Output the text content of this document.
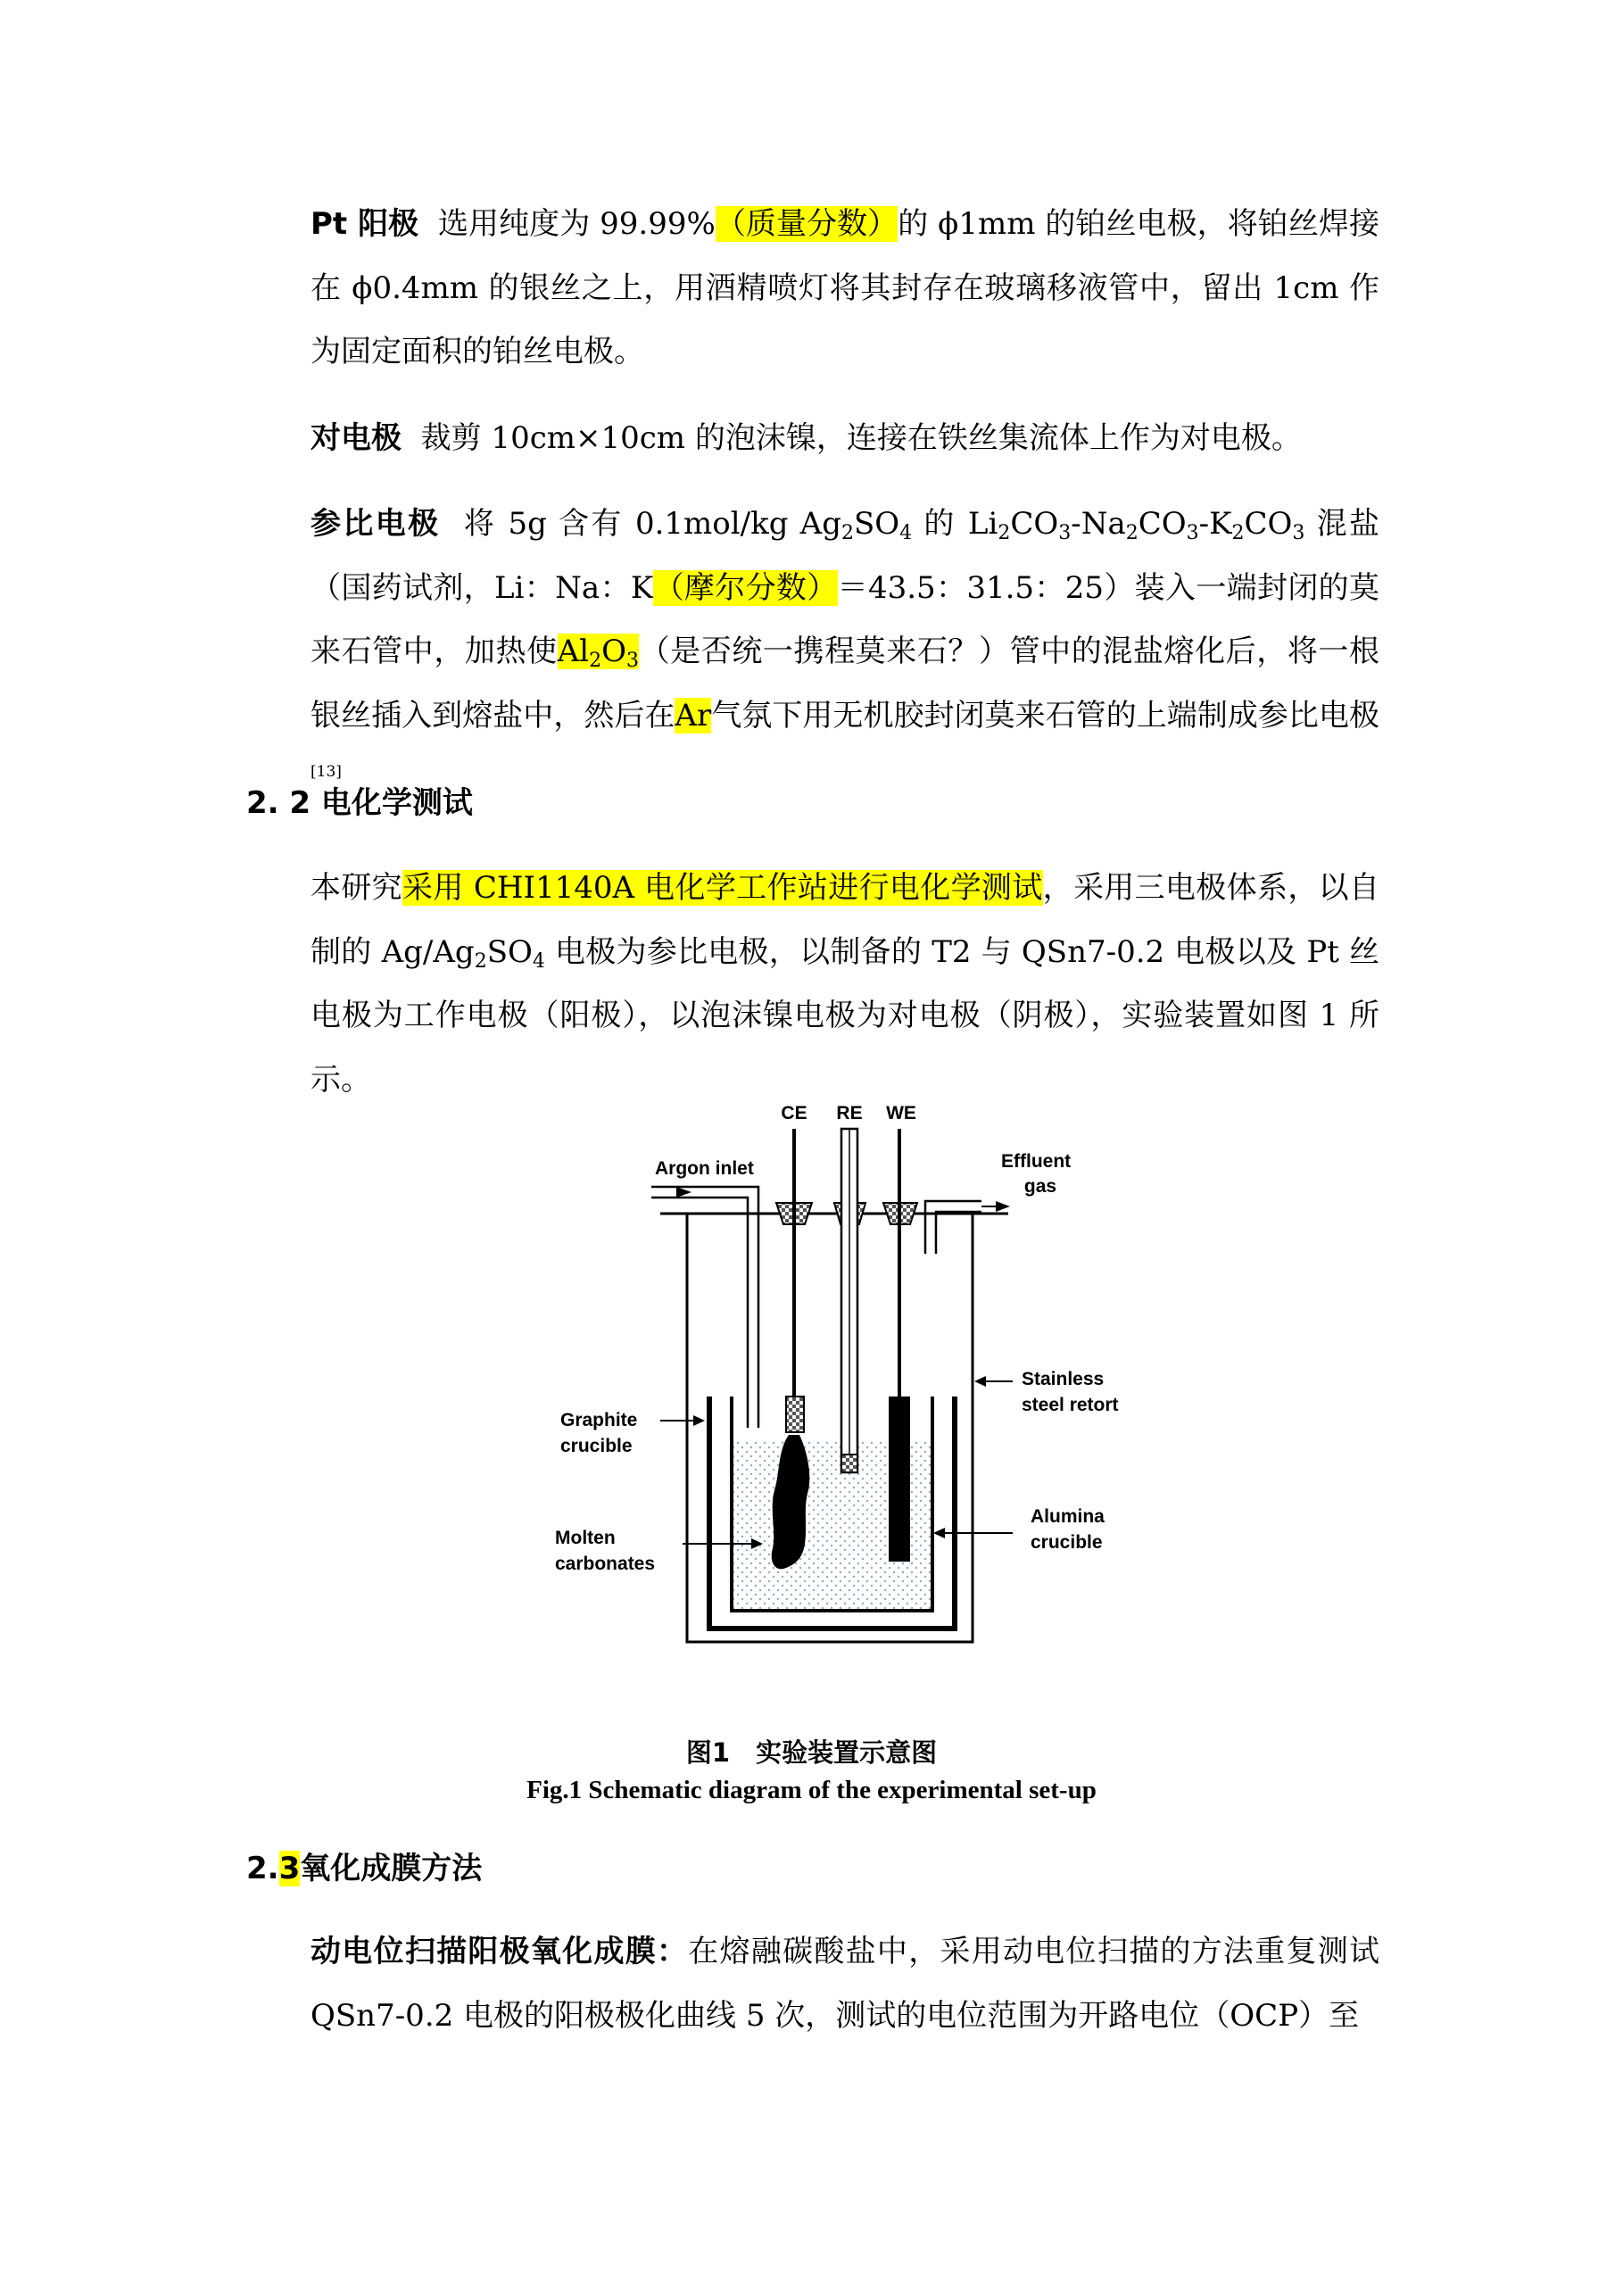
Pt 阳极 选用纯度为 99.99%（质量分数）的 ϕ1mm 的铂丝电极，将铂丝焊接在 ϕ0.4mm 的银丝之上，用酒精喷灯将其封存在玻璃移液管中，留出 1cm 作为固定面积的铂丝电极。

对电极 裁剪 10cm×10cm 的泡沫镍，连接在铁丝集流体上作为对电极。

参比电极 将 5g 含有 0.1mol/kg $Ag_2SO_4$ 的 $Li_2CO_3-Na_2CO_3-K_2CO_3$ 混盐（国药试剂，Li：Na：K（摩尔分数）＝43.5：31.5：25）装入一端封闭的莫来石管中，加热使$Al_2O_3$（是否统一携程莫来石？）管中的混盐熔化后，将一根银丝插入到熔盐中，然后在Ar气氛下用无机胶封闭莫来石管的上端制成参比电极[13]

2. 2 电化学测试

本研究采用 CHI1140A 电化学工作站进行电化学测试，采用三电极体系，以自制的 $Ag/Ag_2SO_4$ 电极为参比电极，以制备的 T2 与 QSn7-0.2 电极以及 Pt 丝电极为工作电极（阳极），以泡沫镍电极为对电极（阴极），实验装置如图 1 所示。

CE RE WE
Argon inlet	Effluent
gas
Stainless
steel retort
Graphite
crucible
Alumina
crucible
Molten
carbonates
图1　实验装置示意图
Fig.1 Schematic diagram of the experimental set-up
2.3氧化成膜方法

动电位扫描阳极氧化成膜：在熔融碳酸盐中，采用动电位扫描的方法重复测试 QSn7-0.2 电极的阳极极化曲线 5 次，测试的电位范围为开路电位（OCP）至
